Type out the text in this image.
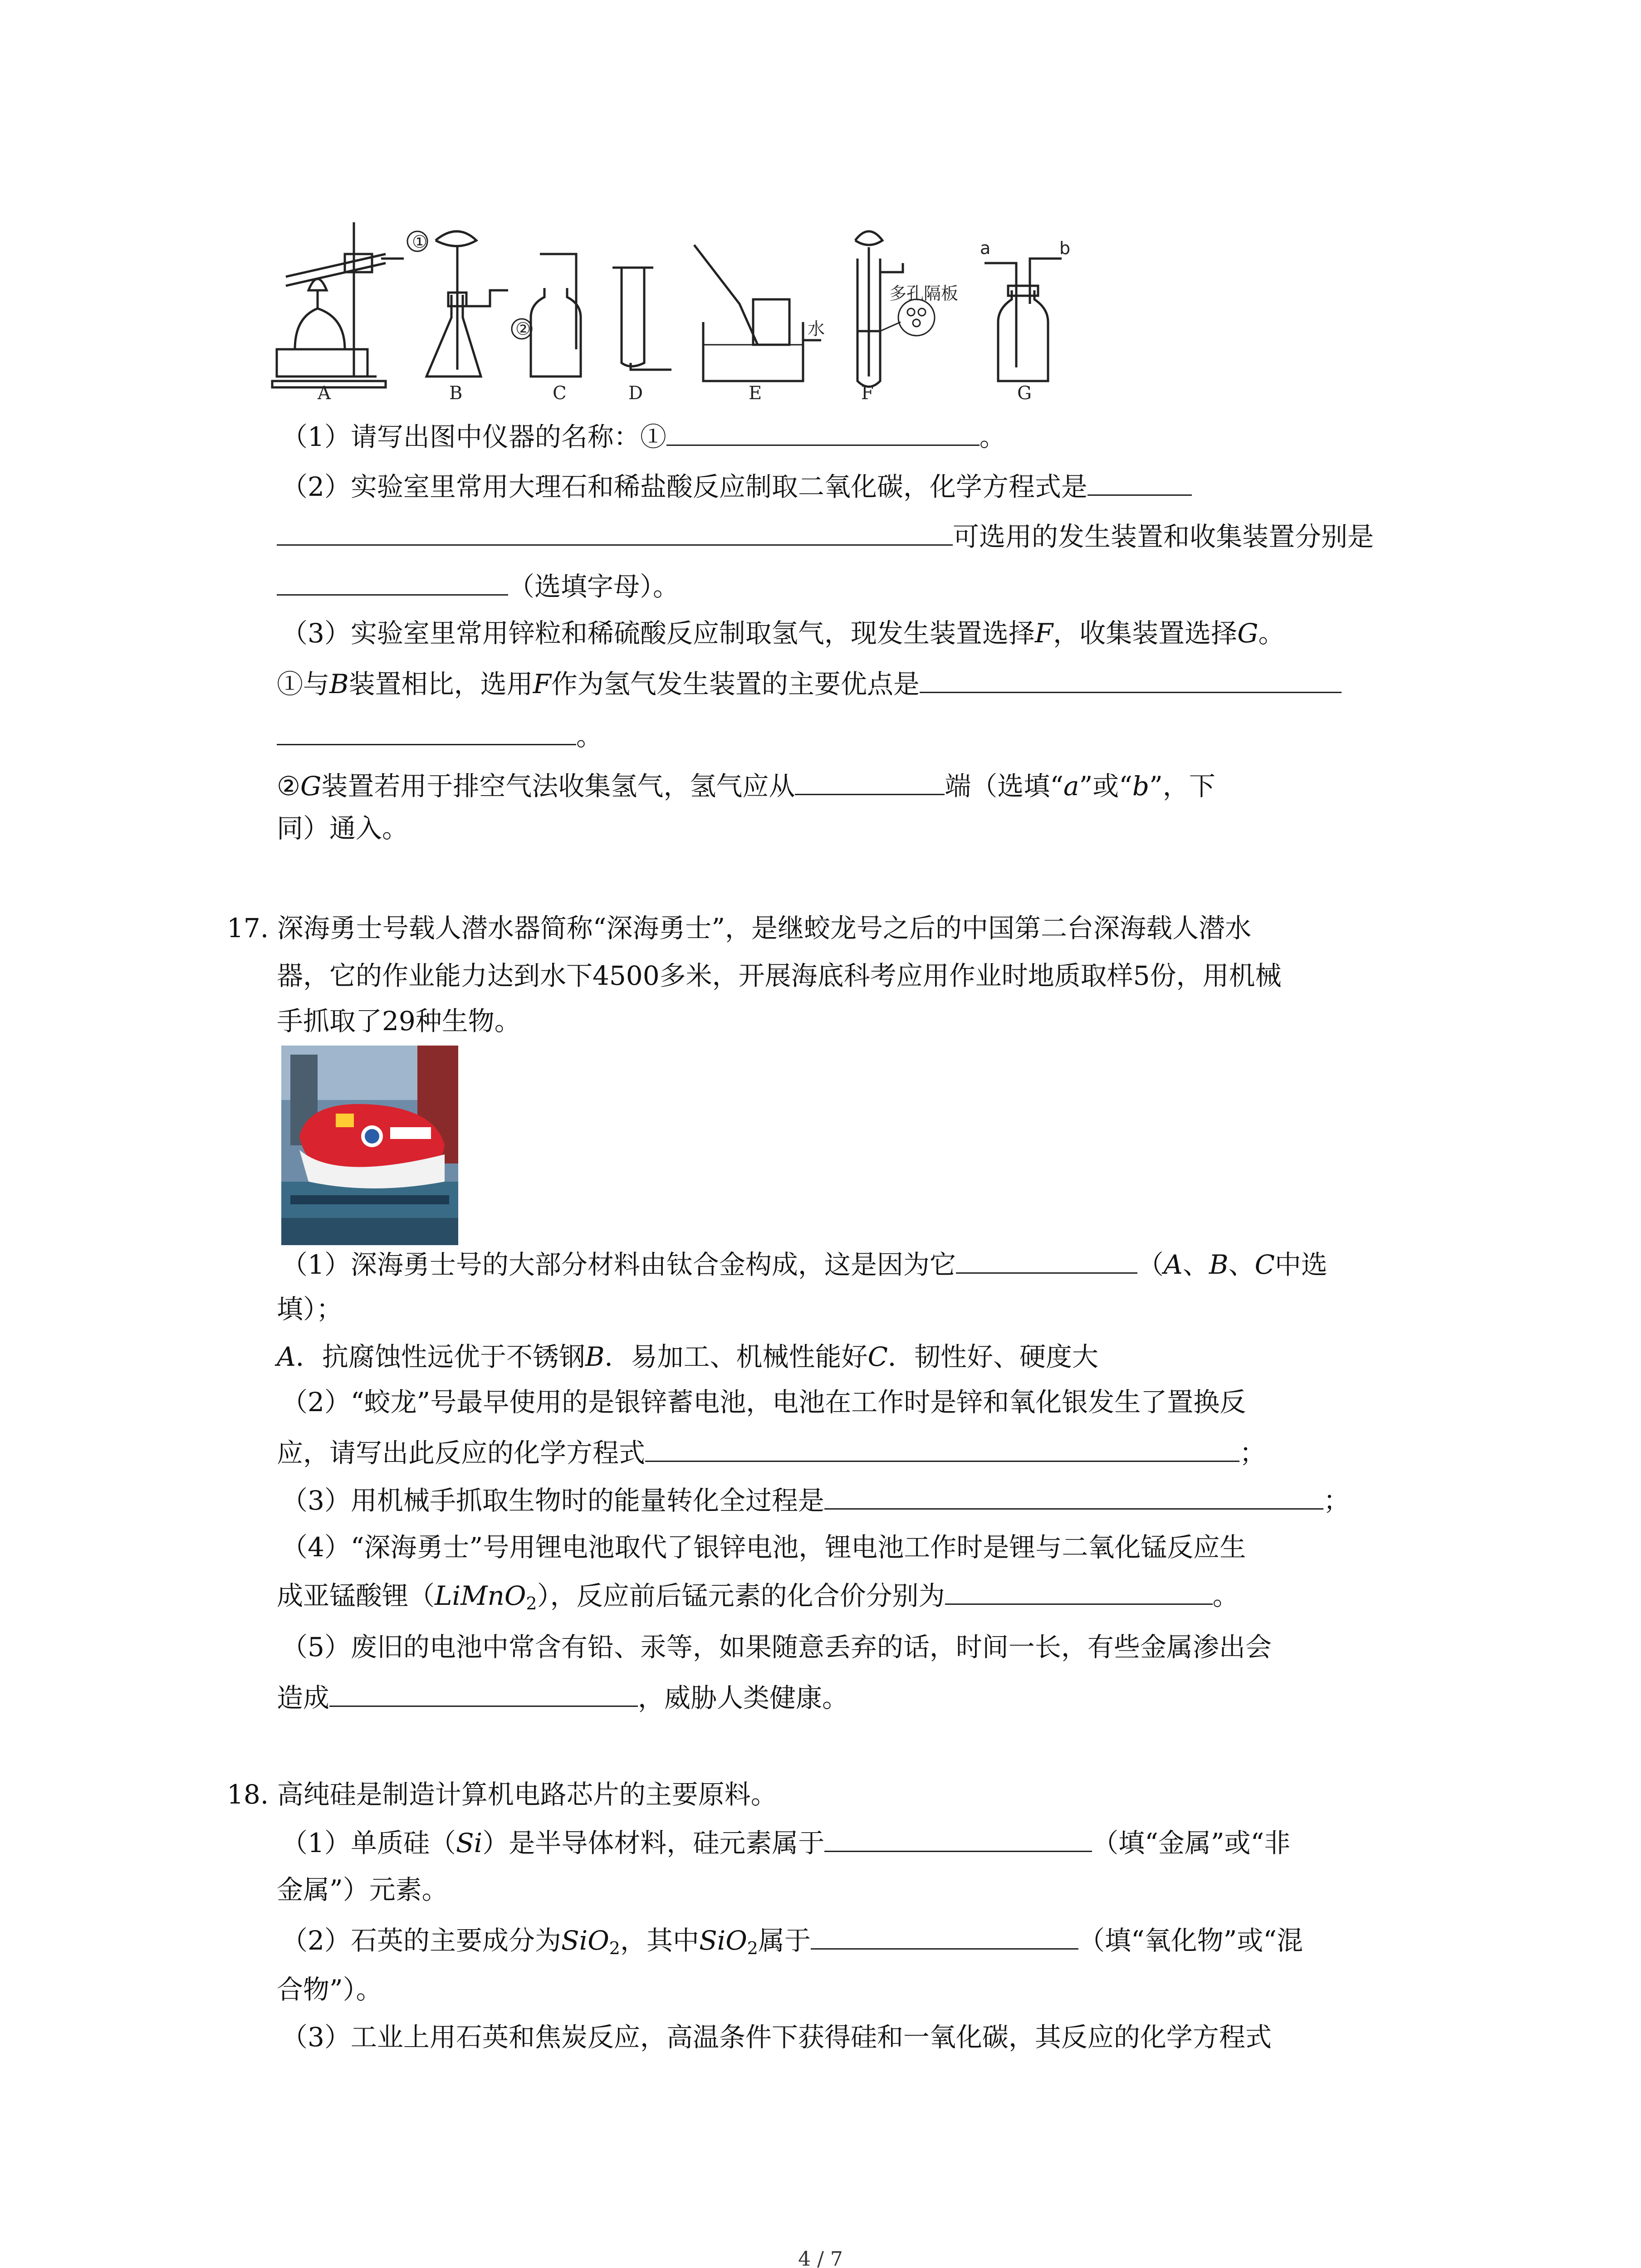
A	B	C	D	E	F	G
①
②	水
多孔隔板
a	b
（1）请写出图中仪器的名称：①	。
（2）实验室里常用大理石和稀盐酸反应制取二氧化碳，化学方程式是
可选用的发生装置和收集装置分别是
（选填字母）。
（3）实验室里常用锌粒和稀硫酸反应制取氢气，现发生装置选择F，收集装置选择G。
①与B装置相比，选用F作为氢气发生装置的主要优点是
。
②G装置若用于排空气法收集氢气，氢气应从	端（选填“a”或“b”，下
同）通入。
17. 深海勇士号载人潜水器简称“深海勇士”，是继蛟龙号之后的中国第二台深海载人潜水
器，它的作业能力达到水下4500多米，开展海底科考应用作业时地质取样5份，用机械
手抓取了29种生物。
（1）深海勇士号的大部分材料由钛合金构成，这是因为它	（A、B、C中选
填）；
A．抗腐蚀性远优于不锈钢B．易加工、机械性能好C．韧性好、硬度大
（2）“蛟龙”号最早使用的是银锌蓄电池，电池在工作时是锌和氧化银发生了置换反
应，请写出此反应的化学方程式	；
（3）用机械手抓取生物时的能量转化全过程是	；
（4）“深海勇士”号用锂电池取代了银锌电池，锂电池工作时是锂与二氧化锰反应生
成亚锰酸锂（LiMnO$_2$），反应前后锰元素的化合价分别为	。
（5）废旧的电池中常含有铅、汞等，如果随意丢弃的话，时间一长，有些金属渗出会
造成	，威胁人类健康。
18. 高纯硅是制造计算机电路芯片的主要原料。
（1）单质硅（Si）是半导体材料，硅元素属于	（填“金属”或“非
金属”）元素。
（2）石英的主要成分为SiO$_2$，其中SiO$_2$属于	（填“氧化物”或“混
合物”）。
（3）工业上用石英和焦炭反应，高温条件下获得硅和一氧化碳，其反应的化学方程式
4 / 7
